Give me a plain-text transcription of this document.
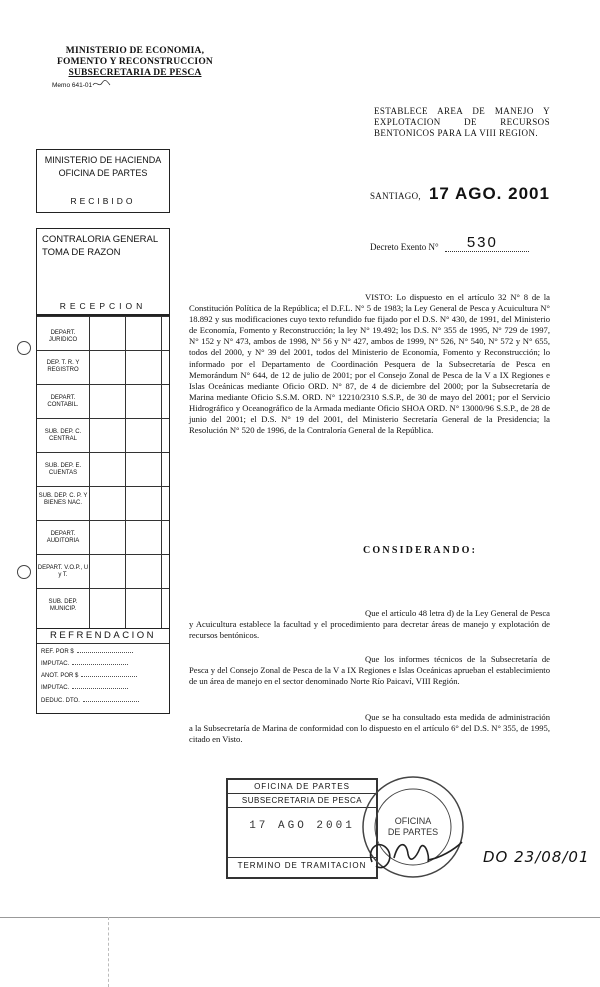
MINISTERIO DE ECONOMIA,
FOMENTO Y RECONSTRUCCION
SUBSECRETARIA DE PESCA
Memo 641-01
ESTABLECE AREA DE MANEJO Y EXPLOTACION DE RECURSOS BENTONICOS PARA LA VIII REGION.
SANTIAGO, 17 AGO. 2001
Decreto Exento N° 530
MINISTERIO DE HACIENDA
OFICINA DE PARTES
RECIBIDO
CONTRALORIA GENERAL
TOMA DE RAZON
RECEPCION
DEPART. JURIDICO
DEP. T. R. Y REGISTRO
DEPART. CONTABIL.
SUB. DEP. C. CENTRAL
SUB. DEP. E. CUENTAS
SUB. DEP. C. P. Y BIENES NAC.
DEPART. AUDITORIA
DEPART. V.O.P., U y T.
SUB. DEP. MUNICIP.
REFRENDACION
REF. POR $
IMPUTAC.
ANOT. POR $
IMPUTAC.
DEDUC. DTO.
VISTO: Lo dispuesto en el artículo 32 N° 8 de la Constitución Política de la República; el D.F.L. N° 5 de 1983; la Ley General de Pesca y Acuicultura N° 18.892 y sus modificaciones cuyo texto refundido fue fijado por el D.S. N° 430, de 1991, del Ministerio de Economía, Fomento y Reconstrucción; la ley N° 19.492; los D.S. N° 355 de 1995, N° 729 de 1997, N° 152 y N° 473, ambos de 1998, N° 56 y N° 427, ambos de 1999, N° 526, N° 540, N° 572 y N° 655, todos del 2000, y N° 39 del 2001, todos del Ministerio de Economía, Fomento y Reconstrucción; lo informado por el Departamento de Coordinación Pesquera de la Subsecretaría de Pesca en Memorándum N° 644, de 12 de julio de 2001; por el Consejo Zonal de Pesca de la V a IX Regiones e Islas Oceánicas mediante Oficio ORD. N° 87, de 4 de diciembre del 2000; por la Subsecretaría de Marina mediante Oficio S.S.M. ORD. N° 12210/2310 S.S.P., de 30 de mayo del 2001; por el Servicio Hidrográfico y Oceanográfico de la Armada mediante Oficio SHOA ORD. N° 13000/96 S.S.P., de 28 de junio del 2001; el D.S. N° 19 del 2001, del Ministerio Secretaría General de la Presidencia; la Resolución N° 520 de 1996, de la Contraloría General de la República.
CONSIDERANDO:
Que el artículo 48 letra d) de la Ley General de Pesca y Acuicultura establece la facultad y el procedimiento para decretar áreas de manejo y explotación de recursos bentónicos.
Que los informes técnicos de la Subsecretaría de Pesca y del Consejo Zonal de Pesca de la V a IX Regiones e Islas Oceánicas aprueban el establecimiento de un área de manejo en el sector denominado Norte Río Paicaví, VIII Región.
Que se ha consultado esta medida de administración a la Subsecretaría de Marina de conformidad con lo dispuesto en el artículo 6° del D.S. N° 355, de 1995, citado en Visto.
OFICINA DE PARTES
SUBSECRETARIA DE PESCA
17 AGO 2001
TERMINO DE TRAMITACION
OFICINA
DE PARTES
DO 23/08/01
